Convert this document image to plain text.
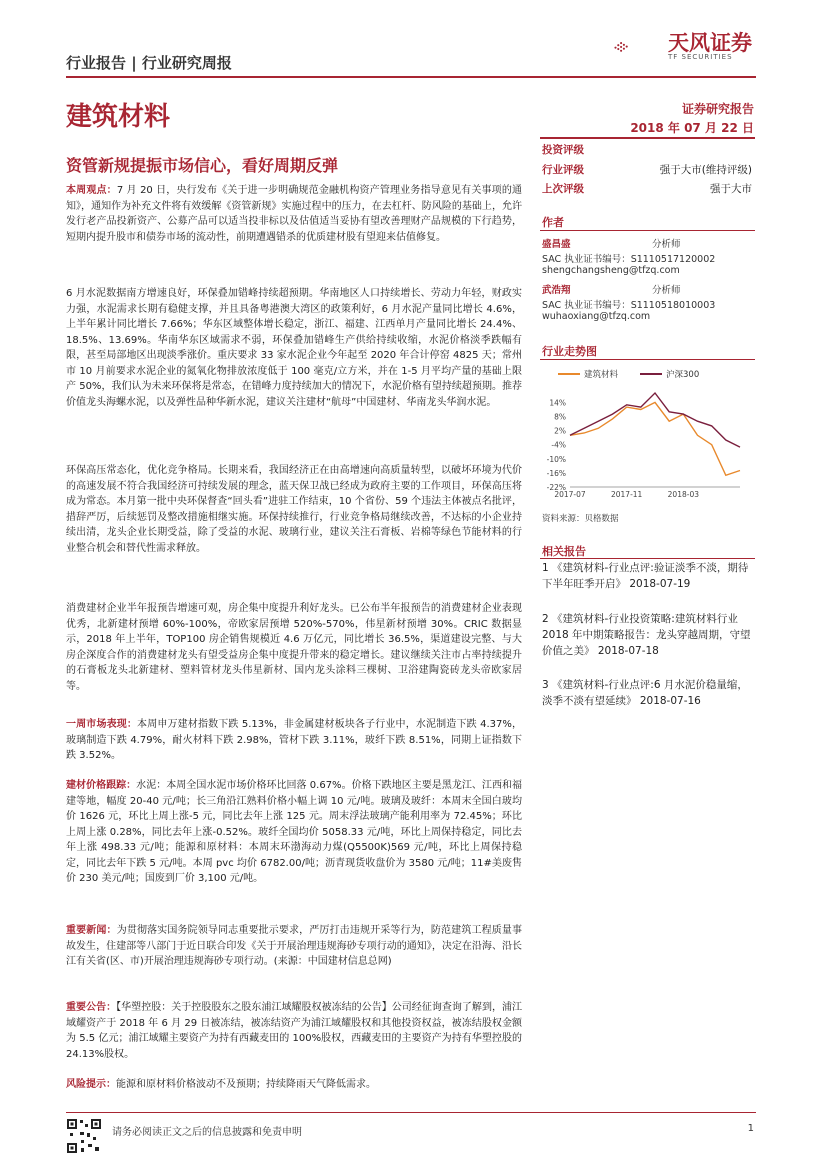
行业报告 | 行业研究周报
天风证券
TF SECURITIES
建筑材料	证券研究报告
2018 年 07 月 22 日
资管新规提振市场信心，看好周期反弹
本周观点：7 月 20 日，央行发布《关于进一步明确规范金融机构资产管理业务指导意见有关事项的通知》，通知作为补充文件将有效缓解《资管新规》实施过程中的压力，在去杠杆、防风险的基础上，允许发行老产品投新资产、公募产品可以适当投非标以及估值适当妥协有望改善理财产品规模的下行趋势，短期内提升股市和债券市场的流动性，前期遭遇错杀的优质建材股有望迎来估值修复。
6 月水泥数据南方增速良好，环保叠加错峰持续超预期。华南地区人口持续增长、劳动力年轻，财政实力强，水泥需求长期有稳健支撑，并且具备粤港澳大湾区的政策利好，6 月水泥产量同比增长 4.6%，上半年累计同比增长 7.66%；华东区域整体增长稳定，浙江、福建、江西单月产量同比增长 24.4%、18.5%、13.69%。华南华东区域需求不弱，环保叠加错峰生产供给持续收缩，水泥价格淡季跌幅有限，甚至局部地区出现淡季涨价。重庆要求 33 家水泥企业今年起至 2020 年合计停窑 4825 天；常州市 10 月前要求水泥企业的氮氧化物排放浓度低于 100 毫克/立方米，并在 1-5 月平均产量的基础上限产 50%，我们认为未来环保将是常态，在错峰力度持续加大的情况下，水泥价格有望持续超预期。推荐价值龙头海螺水泥，以及弹性品种华新水泥，建议关注建材“航母”中国建材、华南龙头华润水泥。
环保高压常态化，优化竞争格局。长期来看，我国经济正在由高增速向高质量转型，以破坏环境为代价的高速发展不符合我国经济可持续发展的理念，蓝天保卫战已经成为政府主要的工作项目，环保高压将成为常态。本月第一批中央环保督查“回头看”进驻工作结束，10 个省份、59 个违法主体被点名批评，措辞严厉，后续惩罚及整改措施相继实施。环保持续推行，行业竞争格局继续改善，不达标的小企业持续出清，龙头企业长期受益，除了受益的水泥、玻璃行业，建议关注石膏板、岩棉等绿色节能材料的行业整合机会和替代性需求释放。
消费建材企业半年报预告增速可观，房企集中度提升利好龙头。已公布半年报预告的消费建材企业表现优秀，北新建材预增 60%-100%，帝欧家居预增 520%-570%，伟星新材预增 30%。CRIC 数据显示，2018 年上半年，TOP100 房企销售规模近 4.6 万亿元，同比增长 36.5%，渠道建设完整、与大房企深度合作的消费建材龙头有望受益房企集中度提升带来的稳定增长。建议继续关注市占率持续提升的石膏板龙头北新建材、塑料管材龙头伟星新材、国内龙头涂料三棵树、卫浴建陶瓷砖龙头帝欧家居等。
一周市场表现：本周申万建材指数下跌 5.13%，非金属建材板块各子行业中，水泥制造下跌 4.37%，玻璃制造下跌 4.79%，耐火材料下跌 2.98%，管材下跌 3.11%，玻纤下跌 8.51%，同期上证指数下跌 3.52%。
建材价格跟踪：水泥：本周全国水泥市场价格环比回落 0.67%。价格下跌地区主要是黑龙江、江西和福建等地，幅度 20-40 元/吨；长三角沿江熟料价格小幅上调 10 元/吨。玻璃及玻纤：本周末全国白玻均价 1626 元，环比上周上涨-5 元，同比去年上涨 125 元。周末浮法玻璃产能利用率为 72.45%；环比上周上涨 0.28%，同比去年上涨-0.52%。玻纤全国均价 5058.33 元/吨，环比上周保持稳定，同比去年上涨 498.33 元/吨；能源和原材料：本周末环渤海动力煤(Q5500K)569 元/吨，环比上周保持稳定，同比去年下跌 5 元/吨。本周 pvc 均价 6782.00/吨；沥青现货收盘价为 3580 元/吨；11#美废售价 230 美元/吨；国废到厂价 3,100 元/吨。
重要新闻：为贯彻落实国务院领导同志重要批示要求，严厉打击违规开采等行为，防范建筑工程质量事故发生，住建部等八部门于近日联合印发《关于开展治理违规海砂专项行动的通知》，决定在沿海、沿长江有关省(区、市)开展治理违规海砂专项行动。(来源：中国建材信息总网)
重要公告：【华塑控股：关于控股股东之股东浦江域耀股权被冻结的公告】公司经征询查询了解到，浦江域耀资产于 2018 年 6 月 29 日被冻结，被冻结资产为浦江域耀股权和其他投资权益，被冻结股权金额为 5.5 亿元；浦江域耀主要资产为持有西藏麦田的 100%股权，西藏麦田的主要资产为持有华塑控股的 24.13%股权。
风险提示：能源和原材料价格波动不及预期；持续降雨天气降低需求。
投资评级
行业评级	强于大市(维持评级)
上次评级	强于大市
作者
盛昌盛	分析师
SAC 执业证书编号：S1110517120002
shengchangsheng@tfzq.com
武浩翔	分析师
SAC 执业证书编号：S1110518010003
wuhaoxiang@tfzq.com
行业走势图
建筑材料	沪深300
14%
8%
2%
-4%
-10%
-16%
-22%
2017-07	2017-11	2018-03
资料来源：贝格数据
相关报告
1 《建筑材料-行业点评:验证淡季不淡，期待下半年旺季开启》 2018-07-19
2 《建筑材料-行业投资策略:建筑材料行业 2018 年中期策略报告：龙头穿越周期，守望价值之美》 2018-07-18
3 《建筑材料-行业点评:6 月水泥价稳量缩，淡季不淡有望延续》 2018-07-16
请务必阅读正文之后的信息披露和免责申明	1
